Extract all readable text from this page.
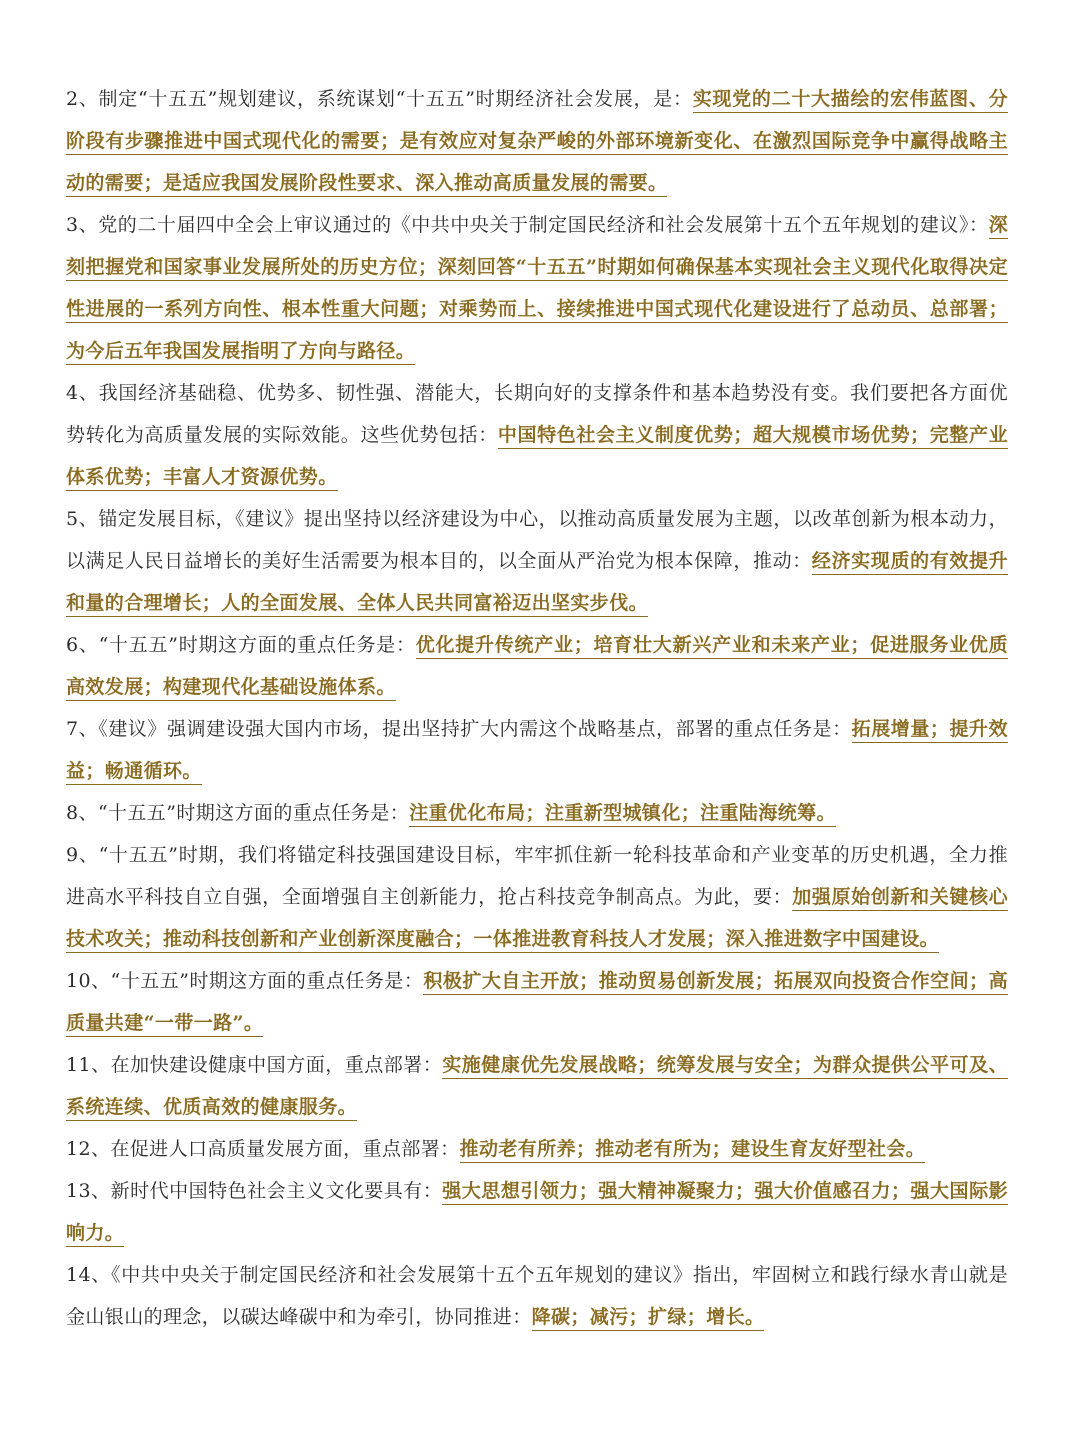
2、制定“十五五”规划建议，系统谋划“十五五”时期经济社会发展，是：实现党的二十大描绘的宏伟蓝图、分阶段有步骤推进中国式现代化的需要；是有效应对复杂严峻的外部环境新变化、在激烈国际竞争中赢得战略主动的需要；是适应我国发展阶段性要求、深入推动高质量发展的需要。

3、党的二十届四中全会上审议通过的《中共中央关于制定国民经济和社会发展第十五个五年规划的建议》：深刻把握党和国家事业发展所处的历史方位；深刻回答“十五五”时期如何确保基本实现社会主义现代化取得决定性进展的一系列方向性、根本性重大问题；对乘势而上、接续推进中国式现代化建设进行了总动员、总部署；为今后五年我国发展指明了方向与路径。

4、我国经济基础稳、优势多、韧性强、潜能大，长期向好的支撑条件和基本趋势没有变。我们要把各方面优势转化为高质量发展的实际效能。这些优势包括：中国特色社会主义制度优势；超大规模市场优势；完整产业体系优势；丰富人才资源优势。

5、锚定发展目标，《建议》提出坚持以经济建设为中心，以推动高质量发展为主题，以改革创新为根本动力，以满足人民日益增长的美好生活需要为根本目的，以全面从严治党为根本保障，推动：经济实现质的有效提升和量的合理增长；人的全面发展、全体人民共同富裕迈出坚实步伐。

6、“十五五”时期这方面的重点任务是：优化提升传统产业；培育壮大新兴产业和未来产业；促进服务业优质高效发展；构建现代化基础设施体系。

7、《建议》强调建设强大国内市场，提出坚持扩大内需这个战略基点，部署的重点任务是：拓展增量；提升效益；畅通循环。

8、“十五五”时期这方面的重点任务是：注重优化布局；注重新型城镇化；注重陆海统筹。

9、“十五五”时期，我们将锚定科技强国建设目标，牢牢抓住新一轮科技革命和产业变革的历史机遇，全力推进高水平科技自立自强，全面增强自主创新能力，抢占科技竞争制高点。为此，要：加强原始创新和关键核心技术攻关；推动科技创新和产业创新深度融合；一体推进教育科技人才发展；深入推进数字中国建设。

10、“十五五”时期这方面的重点任务是：积极扩大自主开放；推动贸易创新发展；拓展双向投资合作空间；高质量共建“一带一路”。

11、在加快建设健康中国方面，重点部署：实施健康优先发展战略；统筹发展与安全；为群众提供公平可及、系统连续、优质高效的健康服务。

12、在促进人口高质量发展方面，重点部署：推动老有所养；推动老有所为；建设生育友好型社会。

13、新时代中国特色社会主义文化要具有：强大思想引领力；强大精神凝聚力；强大价值感召力；强大国际影响力。

14、《中共中央关于制定国民经济和社会发展第十五个五年规划的建议》指出，牢固树立和践行绿水青山就是金山银山的理念，以碳达峰碳中和为牵引，协同推进：降碳；减污；扩绿；增长。
